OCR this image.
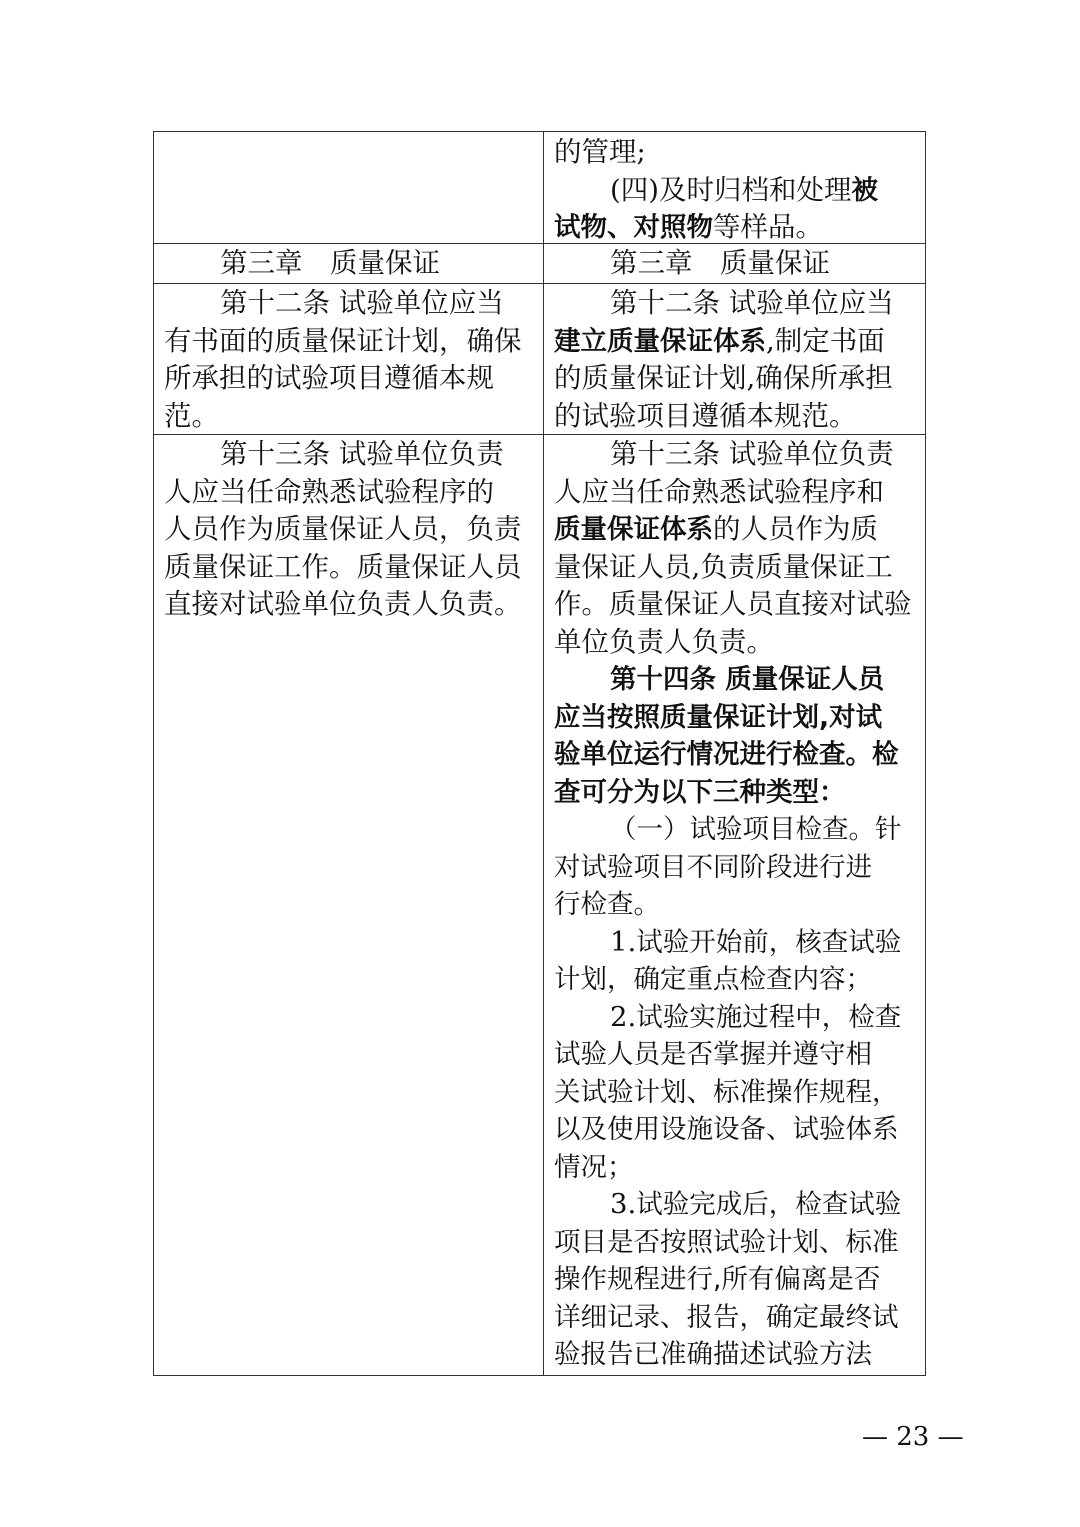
的管理;
(四)及时归档和处理被
试物、对照物等样品。
第三章　质量保证	第三章　质量保证
第十二条 试验单位应当
有书面的质量保证计划，确保
所承担的试验项目遵循本规
范。
第十二条 试验单位应当
建立质量保证体系,制定书面
的质量保证计划,确保所承担
的试验项目遵循本规范。
第十三条 试验单位负责
人应当任命熟悉试验程序的
人员作为质量保证人员，负责
质量保证工作。质量保证人员
直接对试验单位负责人负责。
第十三条 试验单位负责
人应当任命熟悉试验程序和
质量保证体系的人员作为质
量保证人员,负责质量保证工
作。质量保证人员直接对试验
单位负责人负责。
第十四条 质量保证人员
应当按照质量保证计划,对试
验单位运行情况进行检查。检
查可分为以下三种类型：
（一）试验项目检查。针
对试验项目不同阶段进行进
行检查。
1.试验开始前，核查试验
计划，确定重点检查内容；
2.试验实施过程中，检查
试验人员是否掌握并遵守相
关试验计划、标准操作规程，
以及使用设施设备、试验体系
情况；
3.试验完成后，检查试验
项目是否按照试验计划、标准
操作规程进行,所有偏离是否
详细记录、报告，确定最终试
验报告已准确描述试验方法
— 23 —
